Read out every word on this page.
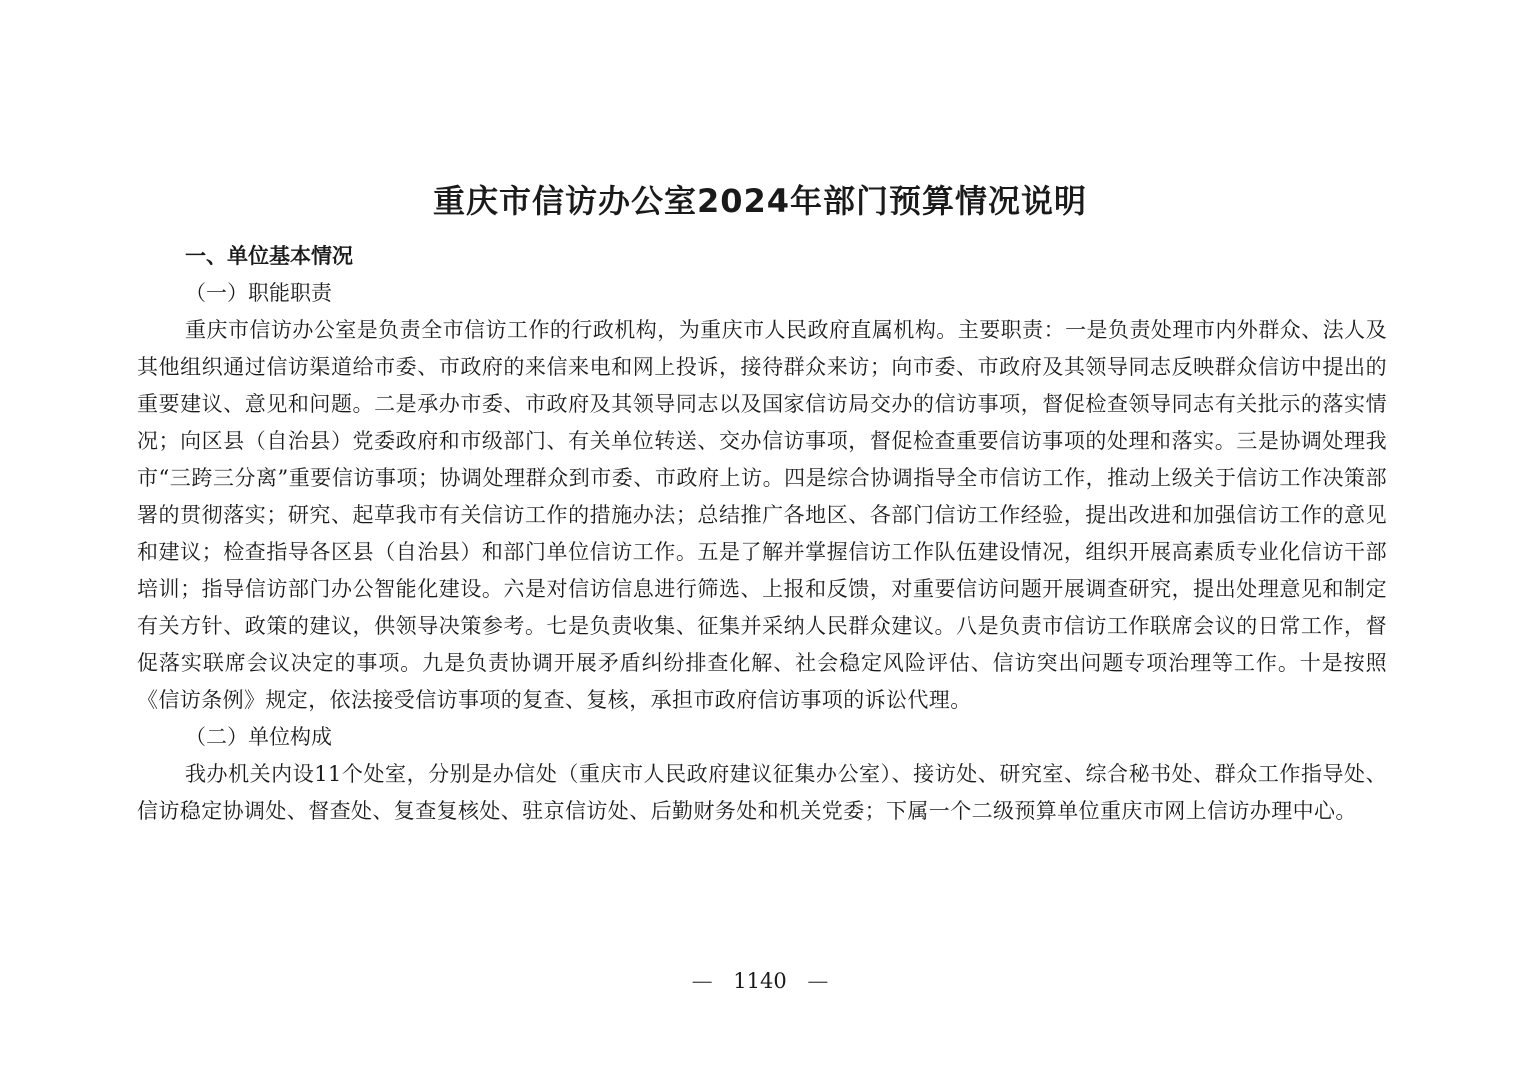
重庆市信访办公室2024年部门预算情况说明

一、单位基本情况

（一）职能职责

重庆市信访办公室是负责全市信访工作的行政机构，为重庆市人民政府直属机构。主要职责：一是负责处理市内外群众、法人及其他组织通过信访渠道给市委、市政府的来信来电和网上投诉，接待群众来访；向市委、市政府及其领导同志反映群众信访中提出的重要建议、意见和问题。二是承办市委、市政府及其领导同志以及国家信访局交办的信访事项，督促检查领导同志有关批示的落实情况；向区县（自治县）党委政府和市级部门、有关单位转送、交办信访事项，督促检查重要信访事项的处理和落实。三是协调处理我市“三跨三分离”重要信访事项；协调处理群众到市委、市政府上访。四是综合协调指导全市信访工作，推动上级关于信访工作决策部署的贯彻落实；研究、起草我市有关信访工作的措施办法；总结推广各地区、各部门信访工作经验，提出改进和加强信访工作的意见和建议；检查指导各区县（自治县）和部门单位信访工作。五是了解并掌握信访工作队伍建设情况，组织开展高素质专业化信访干部培训；指导信访部门办公智能化建设。六是对信访信息进行筛选、上报和反馈，对重要信访问题开展调查研究，提出处理意见和制定有关方针、政策的建议，供领导决策参考。七是负责收集、征集并采纳人民群众建议。八是负责市信访工作联席会议的日常工作，督促落实联席会议决定的事项。九是负责协调开展矛盾纠纷排查化解、社会稳定风险评估、信访突出问题专项治理等工作。十是按照《信访条例》规定，依法接受信访事项的复查、复核，承担市政府信访事项的诉讼代理。

（二）单位构成

我办机关内设11个处室，分别是办信处（重庆市人民政府建议征集办公室）、接访处、研究室、综合秘书处、群众工作指导处、信访稳定协调处、督查处、复查复核处、驻京信访处、后勤财务处和机关党委；下属一个二级预算单位重庆市网上信访办理中心。

— 1140 —
